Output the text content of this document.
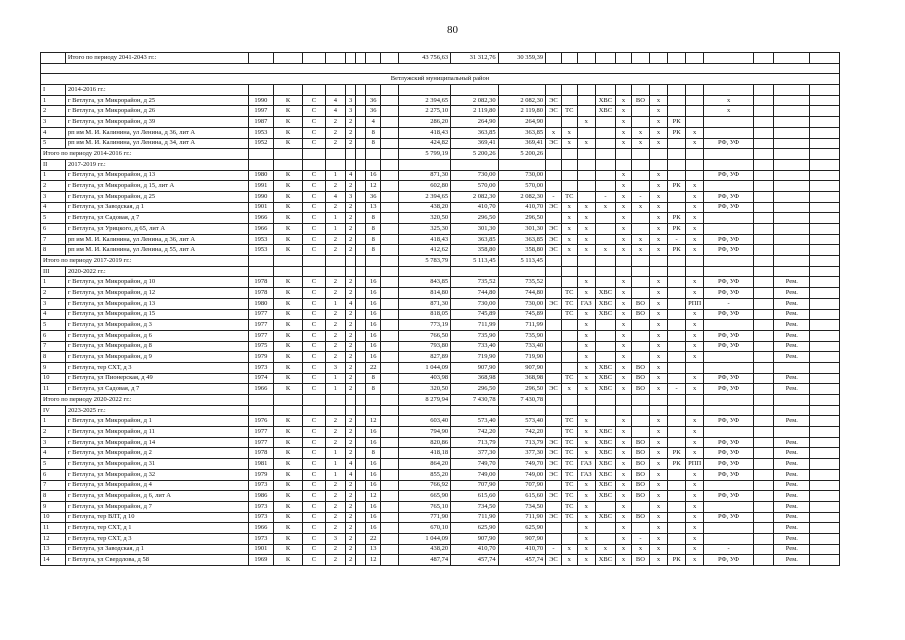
80
	Итого по периоду 2041-2043 гг.:									43 756,63	31 312,76	30 359,39													

Ветлужский муниципальный район																									
I	2014-2016 гг.:																								
1	г Ветлуга, ул Микрорайон, д 25	1990	К	С	4	3		36		2 394,65	2 082,30	2 082,30	ЭС			ХВС	х	ВО	х			х			
2	г Ветлуга, ул Микрорайон, д 26	1997	К	С	4	3		36		2 275,10	2 119,80	2 119,80	ЭС	ТС		ХВС	х		х			х			
3	г Ветлуга, ул Микрорайон, д 39	1987	К	С	2	2		4		286,20	264,90	264,90			х		х		х	РК					
4	рп им М. И. Калинина, ул Ленина, д 36, лит А	1953	К	С	2	2		8		418,43	363,85	363,85	х	х			х	х	х	РК	х				
5	рп им М. И. Калинина, ул Ленина, д 34, лит А	1952	К	С	2	2		8		424,82	369,41	369,41	ЭС	х	х		х	х	х		х	РФ, УФ			
Итого по периоду 2014-2016 гг.:										5 799,19	5 200,26	5 200,26													
II	2017-2019 гг.:																								
1	г Ветлуга, ул Микрорайон, д 13	1980	К	С	1	4		16		871,30	730,00	730,00					х		х			РФ, УФ			
2	г Ветлуга, ул Микрорайон, д 15, лит А	1991	К	С	2	2		12		602,80	570,00	570,00					х		х	РК	х				
3	г Ветлуга, ул Микрорайон, д 25	1990	К	С	4	3		36		2 394,65	2 082,30	2 082,30	-	ТС		-	х	-	х		х	РФ, УФ			
4	г Ветлуга, ул Заводская, д 1	1901	К	С	2	2		13		438,20	410,70	410,70	ЭС	х	х	х	х	х	х		х	РФ, УФ			
5	г Ветлуга, ул Садовая, д 7	1966	К	С	1	2		8		320,50	296,50	296,50		х	х		х		х	РК	х				
6	г Ветлуга, ул Урицкого, д 65, лит А	1966	К	С	1	2		8		325,30	301,30	301,30	ЭС	х	х		х		х	РК	х				
7	рп им М. И. Калинина, ул Ленина, д 36, лит А	1953	К	С	2	2		8		418,43	363,85	363,85	ЭС	х	х		х	х	х	-	х	РФ, УФ			
8	рп им М. И. Калинина, ул Ленина, д 55, лит А	1953	К	С	2	2		8		412,62	358,80	358,80	ЭС	х	х	х	х	х	х	РК	х	РФ, УФ			
Итого по периоду 2017-2019 гг.:										5 783,79	5 113,45	5 113,45													
III	2020-2022 гг.:																								
1	г Ветлуга, ул Микрорайон, д 10	1978	К	С	2	2		16		843,85	735,52	735,52			х		х		х		х	РФ, УФ		Рем.	
2	г Ветлуга, ул Микрорайон, д 12	1978	К	С	2	2		16		814,80	744,80	744,80		ТС	х	ХВС	х		х		х	РФ, УФ		Рем.	
3	г Ветлуга, ул Микрорайон, д 13	1980	К	С	1	4		16		871,30	730,00	730,00	ЭС	ТС	ГАЗ	ХВС	х	ВО	х		РПП	-		Рем.	
4	г Ветлуга, ул Микрорайон, д 15	1977	К	С	2	2		16		818,05	745,89	745,89		ТС	х	ХВС	х	ВО	х		х	РФ, УФ		Рем.	
5	г Ветлуга, ул Микрорайон, д 3	1977	К	С	2	2		16		773,19	711,99	711,99			х		х		х		х			Рем.	
6	г Ветлуга, ул Микрорайон, д 6	1977	К	С	2	2		16		766,50	735,90	735,90			х		х		х		х	РФ, УФ		Рем.	
7	г Ветлуга, ул Микрорайон, д 8	1975	К	С	2	2		16		793,80	733,40	733,40			х		х		х		х	РФ, УФ		Рем.	
8	г Ветлуга, ул Микрорайон, д 9	1979	К	С	2	2		16		827,89	719,90	719,90			х		х		х		х			Рем.	
9	г Ветлуга, тер СХТ, д 3	1973	К	С	3	2		22		1 044,09	907,90	907,90			х	ХВС	х	ВО	х						
10	г Ветлуга, ул Пионерская, д 49	1974	К	С	1	2		8		403,98	368,98	368,98		ТС	х	ХВС	х	ВО	х		х	РФ, УФ		Рем.	
11	г Ветлуга, ул Садовая, д 7	1966	К	С	1	2		8		320,50	296,50	296,50	ЭС	х	х	ХВС	х	ВО	х	-	х	РФ, УФ		Рем.	
Итого по периоду 2020-2022 гг.:										8 279,94	7 430,78	7 430,78													
IV	2023-2025 гг.:																								
1	г Ветлуга, ул Микрорайон, д 1	1976	К	С	2	2		12		603,40	573,40	573,40		ТС	х		х		х		х	РФ, УФ		Рем.	
2	г Ветлуга, ул Микрорайон, д 11	1977	К	С	2	2		16		794,90	742,20	742,20		ТС	х	ХВС	х		х		х				
3	г Ветлуга, ул Микрорайон, д 14	1977	К	С	2	2		16		820,86	713,79	713,79	ЭС	ТС	х	ХВС	х	ВО	х		х	РФ, УФ		Рем.	
4	г Ветлуга, ул Микрорайон, д 2	1978	К	С	1	2		8		418,18	377,30	377,30	ЭС	ТС	х	ХВС	х	ВО	х	РК	х	РФ, УФ		Рем.	
5	г Ветлуга, ул Микрорайон, д 31	1981	К	С	1	4		16		864,20	749,70	749,70	ЭС	ТС	ГАЗ	ХВС	х	ВО	х	РК	РПП	РФ, УФ		Рем.	
6	г Ветлуга, ул Микрорайон, д 32	1979	К	С	1	4		16		855,20	749,00	749,00	ЭС	ТС	ГАЗ	ХВС	х	ВО	х		х	РФ, УФ		Рем.	
7	г Ветлуга, ул Микрорайон, д 4	1973	К	С	2	2		16		766,92	707,90	707,90		ТС	х	ХВС	х	ВО	х		х			Рем.	
8	г Ветлуга, ул Микрорайон, д 6, лит А	1986	К	С	2	2		12		665,90	615,60	615,60	ЭС	ТС	х	ХВС	х	ВО	х		х	РФ, УФ		Рем.	
9	г Ветлуга, ул Микрорайон, д 7	1973	К	С	2	2		16		765,10	734,50	734,50		ТС	х		х		х		х			Рем.	
10	г Ветлуга, тер ВЛТ, д 10	1973	К	С	2	2		16		771,90	711,90	711,90	ЭС	ТС	х	ХВС	х	ВО	х		х	РФ, УФ		Рем.	
11	г Ветлуга, тер СХТ, д 1	1966	К	С	2	2		16		670,10	625,90	625,90			х		х		х		х			Рем.	
12	г Ветлуга, тер СХТ, д 3	1973	К	С	3	2		22		1 044,09	907,90	907,90			х		х	-	х		х			Рем.	
13	г Ветлуга, ул Заводская, д 1	1901	К	С	2	2		13		438,20	410,70	410,70	-	х	х	х	х	х	х		х	-		Рем.	
14	г Ветлуга, ул Свердлова, д 58	1969	К	С	2	2		12		487,74	457,74	457,74	ЭС	х	х	ХВС	х	ВО	х	РК	х	РФ, УФ		Рем.	
